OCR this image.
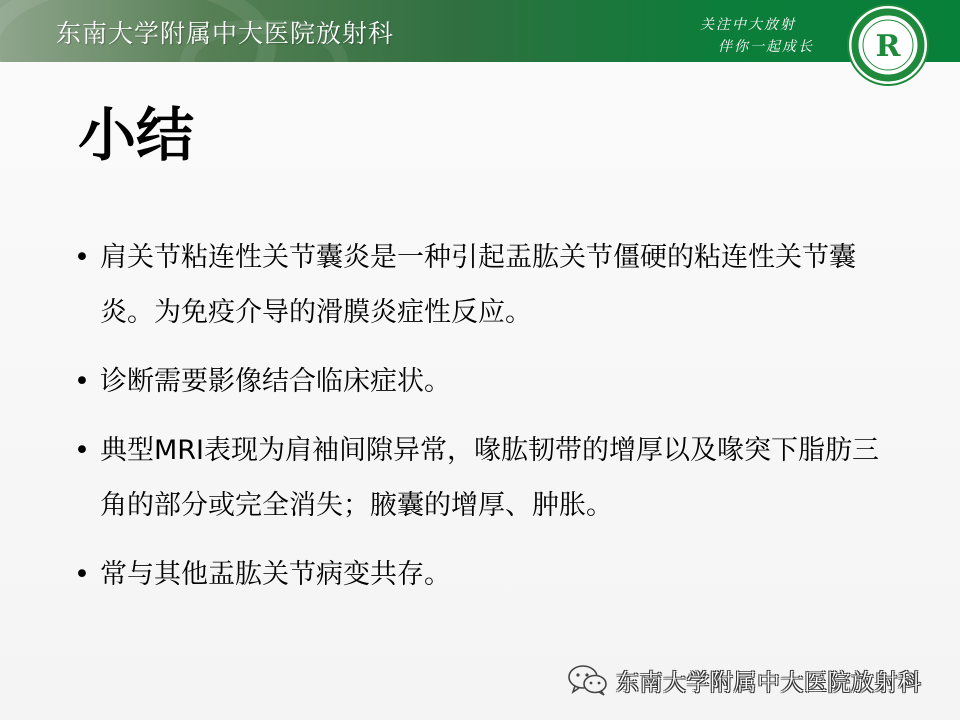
东南大学附属中大医院放射科	关注中大放射
伴你一起成长 R
小结
• 肩关节粘连性关节囊炎是一种引起盂肱关节僵硬的粘连性关节囊炎。为免疫介导的滑膜炎症性反应。
• 诊断需要影像结合临床症状。
• 典型MRI表现为肩袖间隙异常，喙肱韧带的增厚以及喙突下脂肪三角的部分或完全消失；腋囊的增厚、肿胀。
• 常与其他盂肱关节病变共存。
东南大学附属中大医院放射科
